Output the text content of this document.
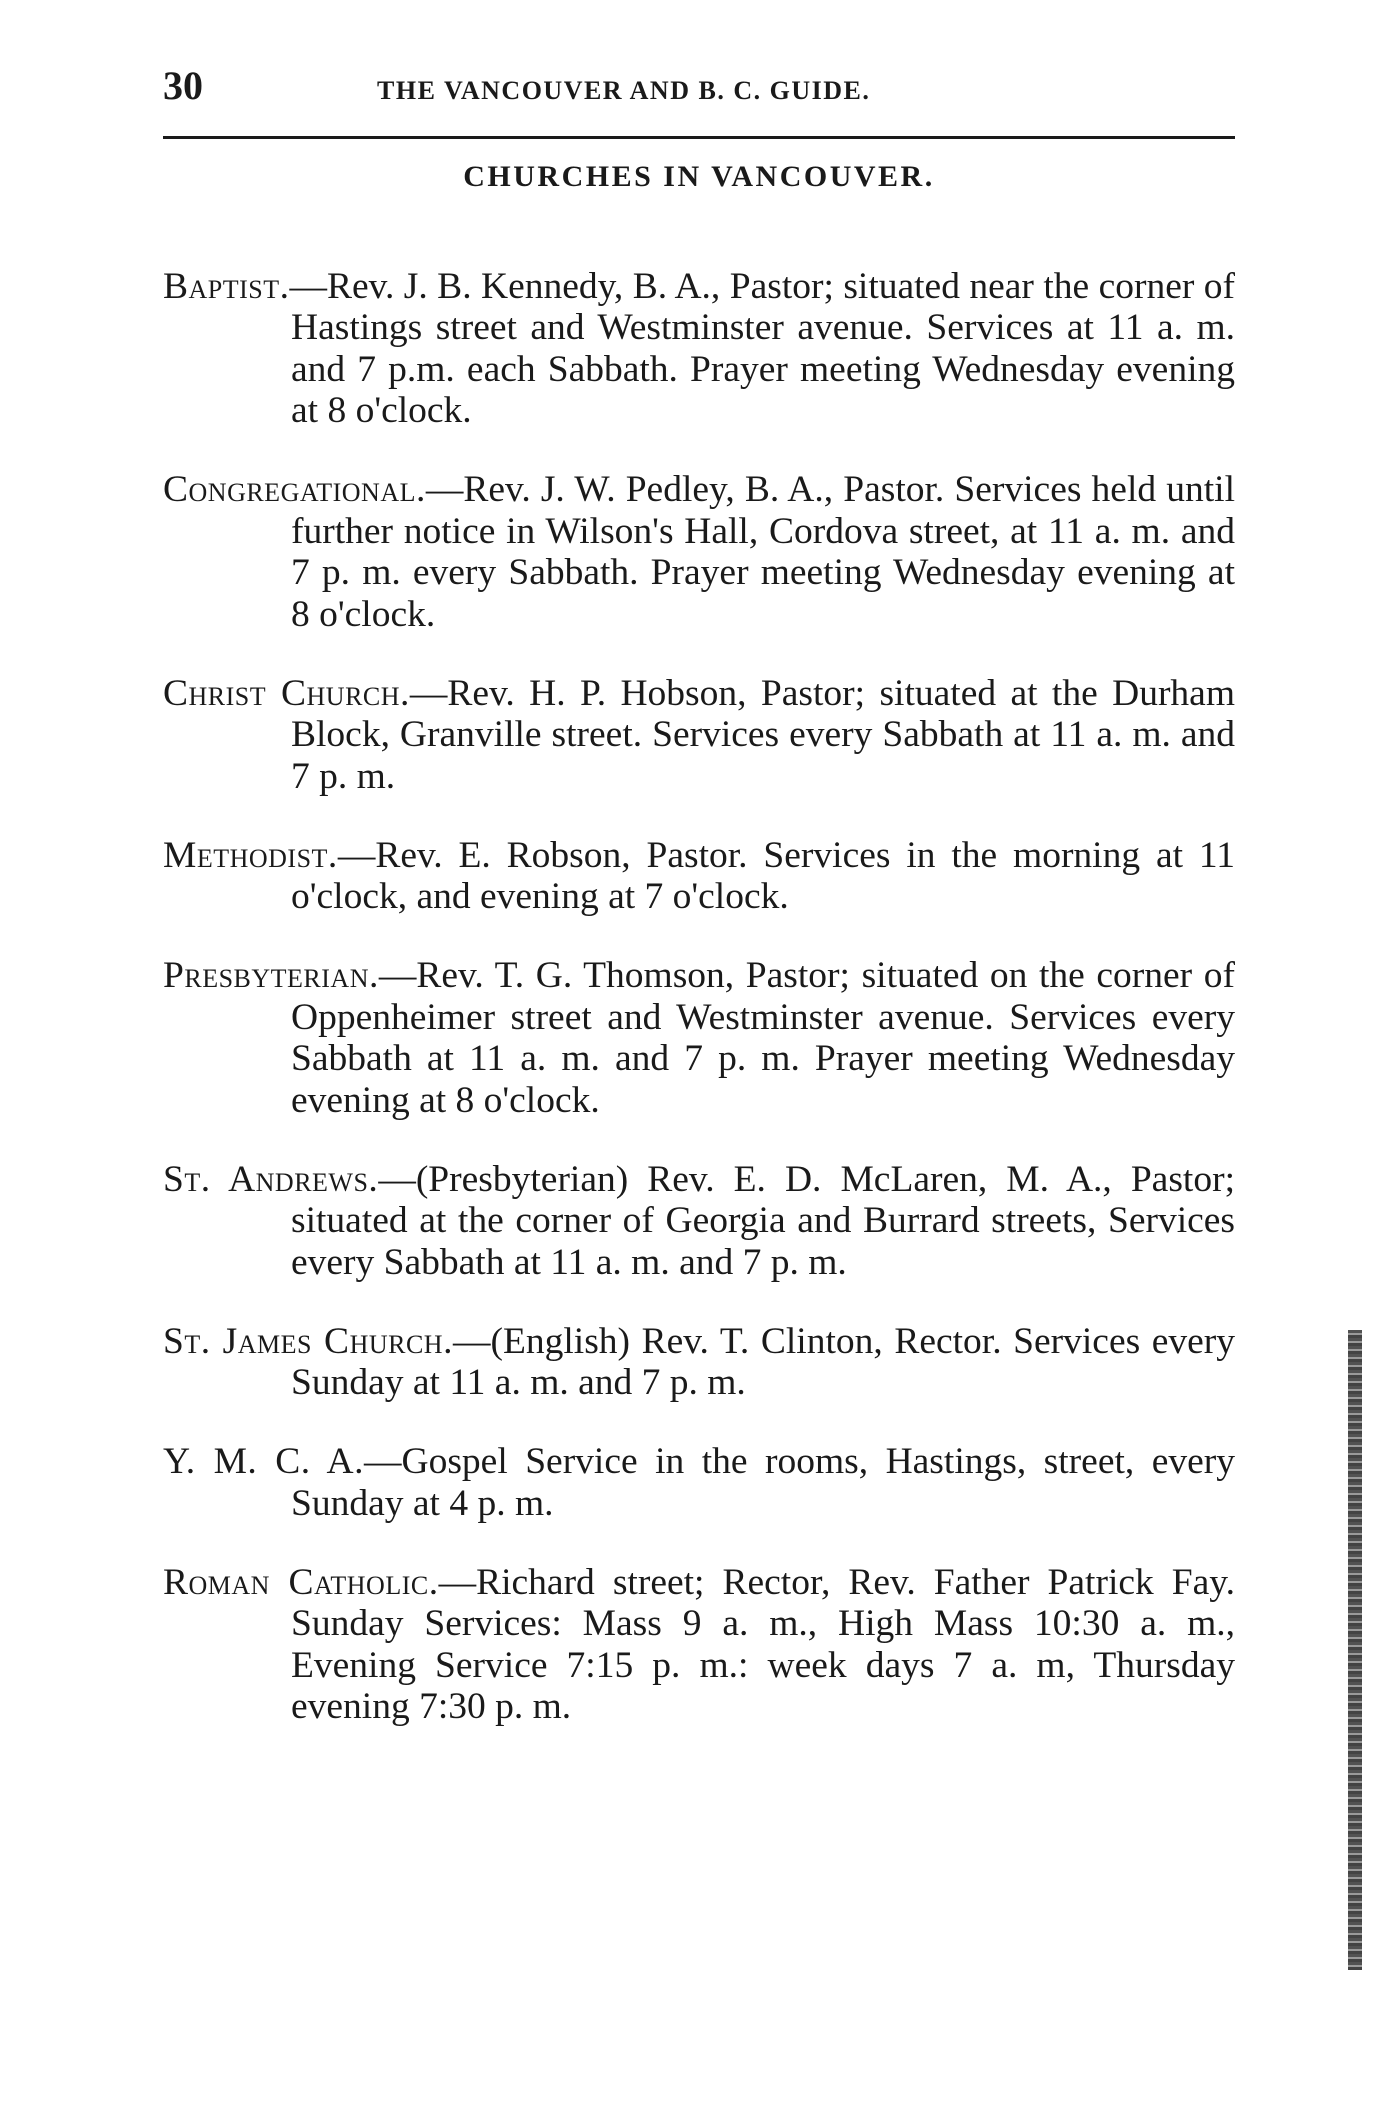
30	THE VANCOUVER AND B. C. GUIDE.
CHURCHES IN VANCOUVER.

Baptist.—Rev. J. B. Kennedy, B. A., Pastor; situated near the corner of Hastings street and Westminster avenue. Services at 11 a. m. and 7 p.m. each Sabbath. Prayer meeting Wednesday evening at 8 o'clock.

Congregational.—Rev. J. W. Pedley, B. A., Pastor. Services held until further notice in Wilson's Hall, Cordova street, at 11 a. m. and 7 p. m. every Sabbath. Prayer meeting Wednesday evening at 8 o'clock.

Christ Church.—Rev. H. P. Hobson, Pastor; situated at the Durham Block, Granville street. Services every Sabbath at 11 a. m. and 7 p. m.

Methodist.—Rev. E. Robson, Pastor. Services in the morning at 11 o'clock, and evening at 7 o'clock.

Presbyterian.—Rev. T. G. Thomson, Pastor; situated on the corner of Oppenheimer street and Westminster avenue. Services every Sabbath at 11 a. m. and 7 p. m. Prayer meeting Wednesday evening at 8 o'clock.

St. Andrews.—(Presbyterian) Rev. E. D. McLaren, M. A., Pastor; situated at the corner of Georgia and Burrard streets, Services every Sabbath at 11 a. m. and 7 p. m.

St. James Church.—(English) Rev. T. Clinton, Rector. Services every Sunday at 11 a. m. and 7 p. m.

Y. M. C. A.—Gospel Service in the rooms, Hastings, street, every Sunday at 4 p. m.

Roman Catholic.—Richard street; Rector, Rev. Father Patrick Fay. Sunday Services: Mass 9 a. m., High Mass 10:30 a. m., Evening Service 7:15 p. m.: week days 7 a. m, Thursday evening 7:30 p. m.
